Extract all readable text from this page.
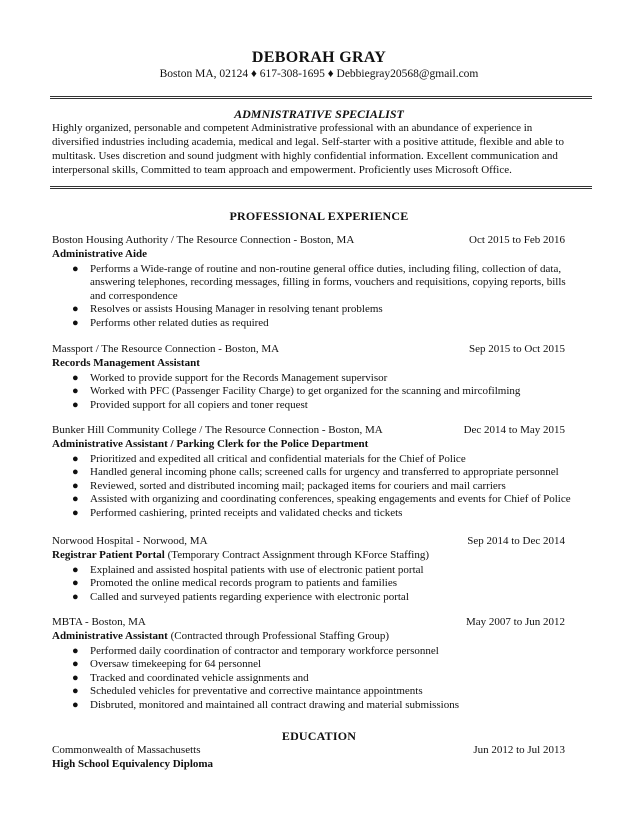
DEBORAH GRAY
Boston MA, 02124 ♦ 617-308-1695 ♦ Debbiegray20568@gmail.com
ADMNISTRATIVE SPECIALIST
Highly organized, personable and competent Administrative professional with an abundance of experience in diversified industries including academia, medical and legal. Self-starter with a positive attitude, flexible and able to multitask. Uses discretion and sound judgment with highly confidential information. Excellent communication and interpersonal skills, Committed to team approach and empowerment. Proficiently uses Microsoft Office.
PROFESSIONAL EXPERIENCE
Boston Housing Authority / The Resource Connection - Boston, MA	Oct 2015 to Feb 2016
Administrative Aide
● Performs a Wide-range of routine and non-routine general office duties, including filing, collection of data, answering telephones, recording messages, filling in forms, vouchers and requisitions, copying reports, bills and correspondence
● Resolves or assists Housing Manager in resolving tenant problems
● Performs other related duties as required
Massport / The Resource Connection - Boston, MA	Sep 2015 to Oct 2015
Records Management Assistant
● Worked to provide support for the Records Management supervisor
● Worked with PFC (Passenger Facility Charge) to get organized for the scanning and mircofilming
● Provided support for all copiers and toner request
Bunker Hill Community College / The Resource Connection - Boston, MA	Dec 2014 to May 2015
Administrative Assistant / Parking Clerk for the Police Department
● Prioritized and expedited all critical and confidential materials for the Chief of Police
● Handled general incoming phone calls; screened calls for urgency and transferred to appropriate personnel
● Reviewed, sorted and distributed incoming mail; packaged items for couriers and mail carriers
● Assisted with organizing and coordinating conferences, speaking engagements and events for Chief of Police
● Performed cashiering, printed receipts and validated checks and tickets
Norwood Hospital - Norwood, MA	Sep 2014 to Dec 2014
Registrar Patient Portal (Temporary Contract Assignment through KForce Staffing)
● Explained and assisted hospital patients with use of electronic patient portal
● Promoted the online medical records program to patients and families
● Called and surveyed patients regarding experience with electronic portal
MBTA - Boston, MA	May 2007 to Jun 2012
Administrative Assistant (Contracted through Professional Staffing Group)
● Performed daily coordination of contractor and temporary workforce personnel
● Oversaw timekeeping for 64 personnel
● Tracked and coordinated vehicle assignments and
● Scheduled vehicles for preventative and corrective maintance appointments
● Disbruted, monitored and maintained all contract drawing and material submissions
EDUCATION
Commonwealth of Massachusetts	Jun 2012 to Jul 2013
High School Equivalency Diploma
